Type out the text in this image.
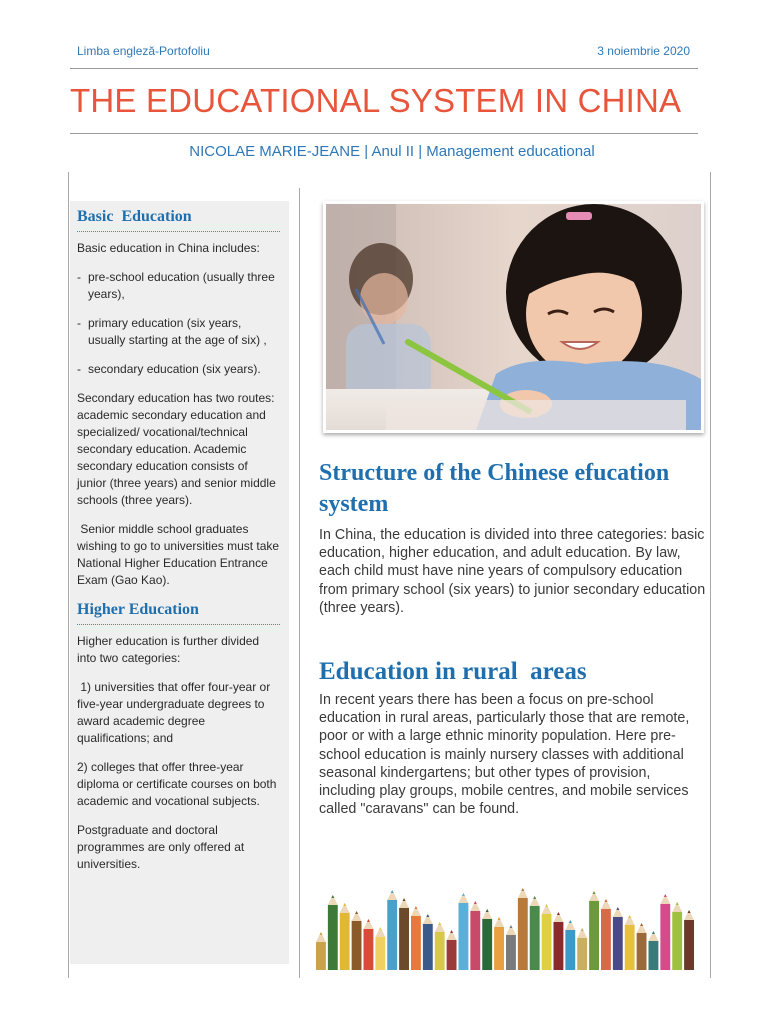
Limba engleză-Portofoliu	3 noiembrie 2020
THE EDUCATIONAL SYSTEM IN CHINA
NICOLAE MARIE-JEANE | Anul II | Management educational
Basic  Education

Basic education in China includes:

- pre-school education (usually three years),

- primary education (six years, usually starting at the age of six) ,

- secondary education (six years).

Secondary education has two routes: academic secondary education and specialized/ vocational/technical secondary education. Academic secondary education consists of junior (three years) and senior middle schools (three years).

Senior middle school graduates wishing to go to universities must take National Higher Education Entrance Exam (Gao Kao).

Higher Education

Higher education is further divided into two categories:

1) universities that offer four-year or five-year undergraduate degrees to award academic degree qualifications; and

2) colleges that offer three-year diploma or certificate courses on both academic and vocational subjects.

Postgraduate and doctoral programmes are only offered at universities.

Structure of the Chinese efucation system

In China, the education is divided into three categories: basic education, higher education, and adult education. By law, each child must have nine years of compulsory education from primary school (six years) to junior secondary education (three years).

Education in rural  areas

In recent years there has been a focus on pre-school education in rural areas, particularly those that are remote, poor or with a large ethnic minority population. Here pre-school education is mainly nursery classes with additional seasonal kindergartens; but other types of provision, including play groups, mobile centres, and mobile services called "caravans" can be found.
